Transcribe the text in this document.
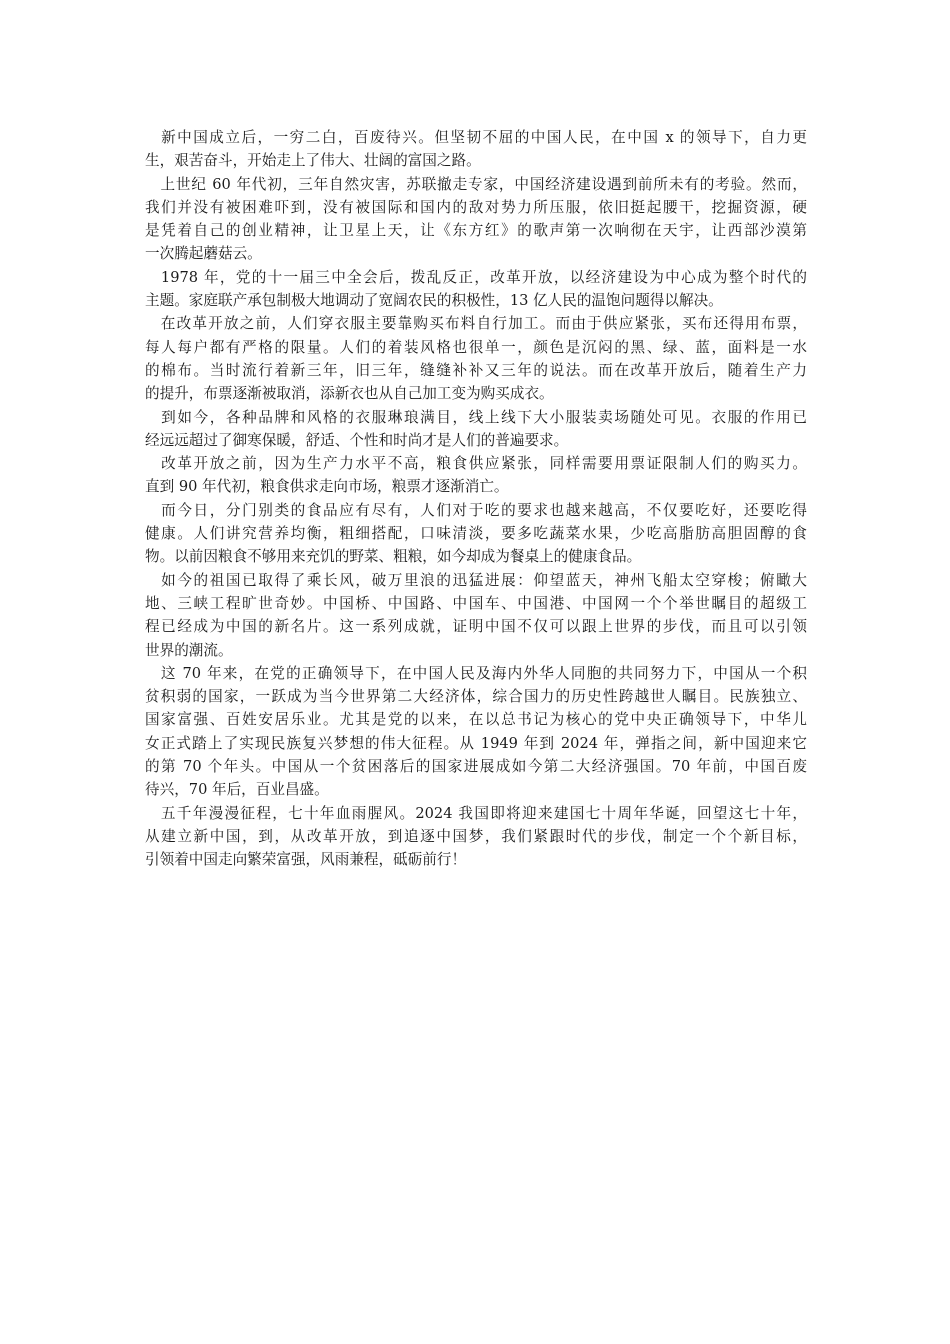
　新中国成立后，一穷二白，百废待兴。但坚韧不屈的中国人民，在中国 x 的领导下，自力更
生，艰苦奋斗，开始走上了伟大、壮阔的富国之路。
　上世纪 60 年代初，三年自然灾害，苏联撤走专家，中国经济建设遇到前所未有的考验。然而，
我们并没有被困难吓到，没有被国际和国内的敌对势力所压服，依旧挺起腰干，挖掘资源，硬
是凭着自己的创业精神，让卫星上天，让《东方红》的歌声第一次响彻在天宇，让西部沙漠第
一次腾起蘑菇云。
　1978 年，党的十一届三中全会后，拨乱反正，改革开放，以经济建设为中心成为整个时代的
主题。家庭联产承包制极大地调动了宽阔农民的积极性，13 亿人民的温饱问题得以解决。
　在改革开放之前，人们穿衣服主要靠购买布料自行加工。而由于供应紧张，买布还得用布票，
每人每户都有严格的限量。人们的着装风格也很单一，颜色是沉闷的黑、绿、蓝，面料是一水
的棉布。当时流行着新三年，旧三年，缝缝补补又三年的说法。而在改革开放后，随着生产力
的提升，布票逐渐被取消，添新衣也从自己加工变为购买成衣。
　到如今，各种品牌和风格的衣服琳琅满目，线上线下大小服装卖场随处可见。衣服的作用已
经远远超过了御寒保暖，舒适、个性和时尚才是人们的普遍要求。
　改革开放之前，因为生产力水平不高，粮食供应紧张，同样需要用票证限制人们的购买力。
直到 90 年代初，粮食供求走向市场，粮票才逐渐消亡。
　而今日，分门别类的食品应有尽有，人们对于吃的要求也越来越高，不仅要吃好，还要吃得
健康。人们讲究营养均衡，粗细搭配，口味清淡，要多吃蔬菜水果，少吃高脂肪高胆固醇的食
物。以前因粮食不够用来充饥的野菜、粗粮，如今却成为餐桌上的健康食品。
　如今的祖国已取得了乘长风，破万里浪的迅猛进展：仰望蓝天，神州飞船太空穿梭；俯瞰大
地、三峡工程旷世奇妙。中国桥、中国路、中国车、中国港、中国网一个个举世瞩目的超级工
程已经成为中国的新名片。这一系列成就，证明中国不仅可以跟上世界的步伐，而且可以引领
世界的潮流。
　这 70 年来，在党的正确领导下，在中国人民及海内外华人同胞的共同努力下，中国从一个积
贫积弱的国家，一跃成为当今世界第二大经济体，综合国力的历史性跨越世人瞩目。民族独立、
国家富强、百姓安居乐业。尤其是党的以来，在以总书记为核心的党中央正确领导下，中华儿
女正式踏上了实现民族复兴梦想的伟大征程。从 1949 年到 2024 年，弹指之间，新中国迎来它
的第 70 个年头。中国从一个贫困落后的国家进展成如今第二大经济强国。70 年前，中国百废
待兴，70 年后，百业昌盛。
　五千年漫漫征程，七十年血雨腥风。2024 我国即将迎来建国七十周年华诞，回望这七十年，
从建立新中国，到，从改革开放，到追逐中国梦，我们紧跟时代的步伐，制定一个个新目标，
引领着中国走向繁荣富强，风雨兼程，砥砺前行！
